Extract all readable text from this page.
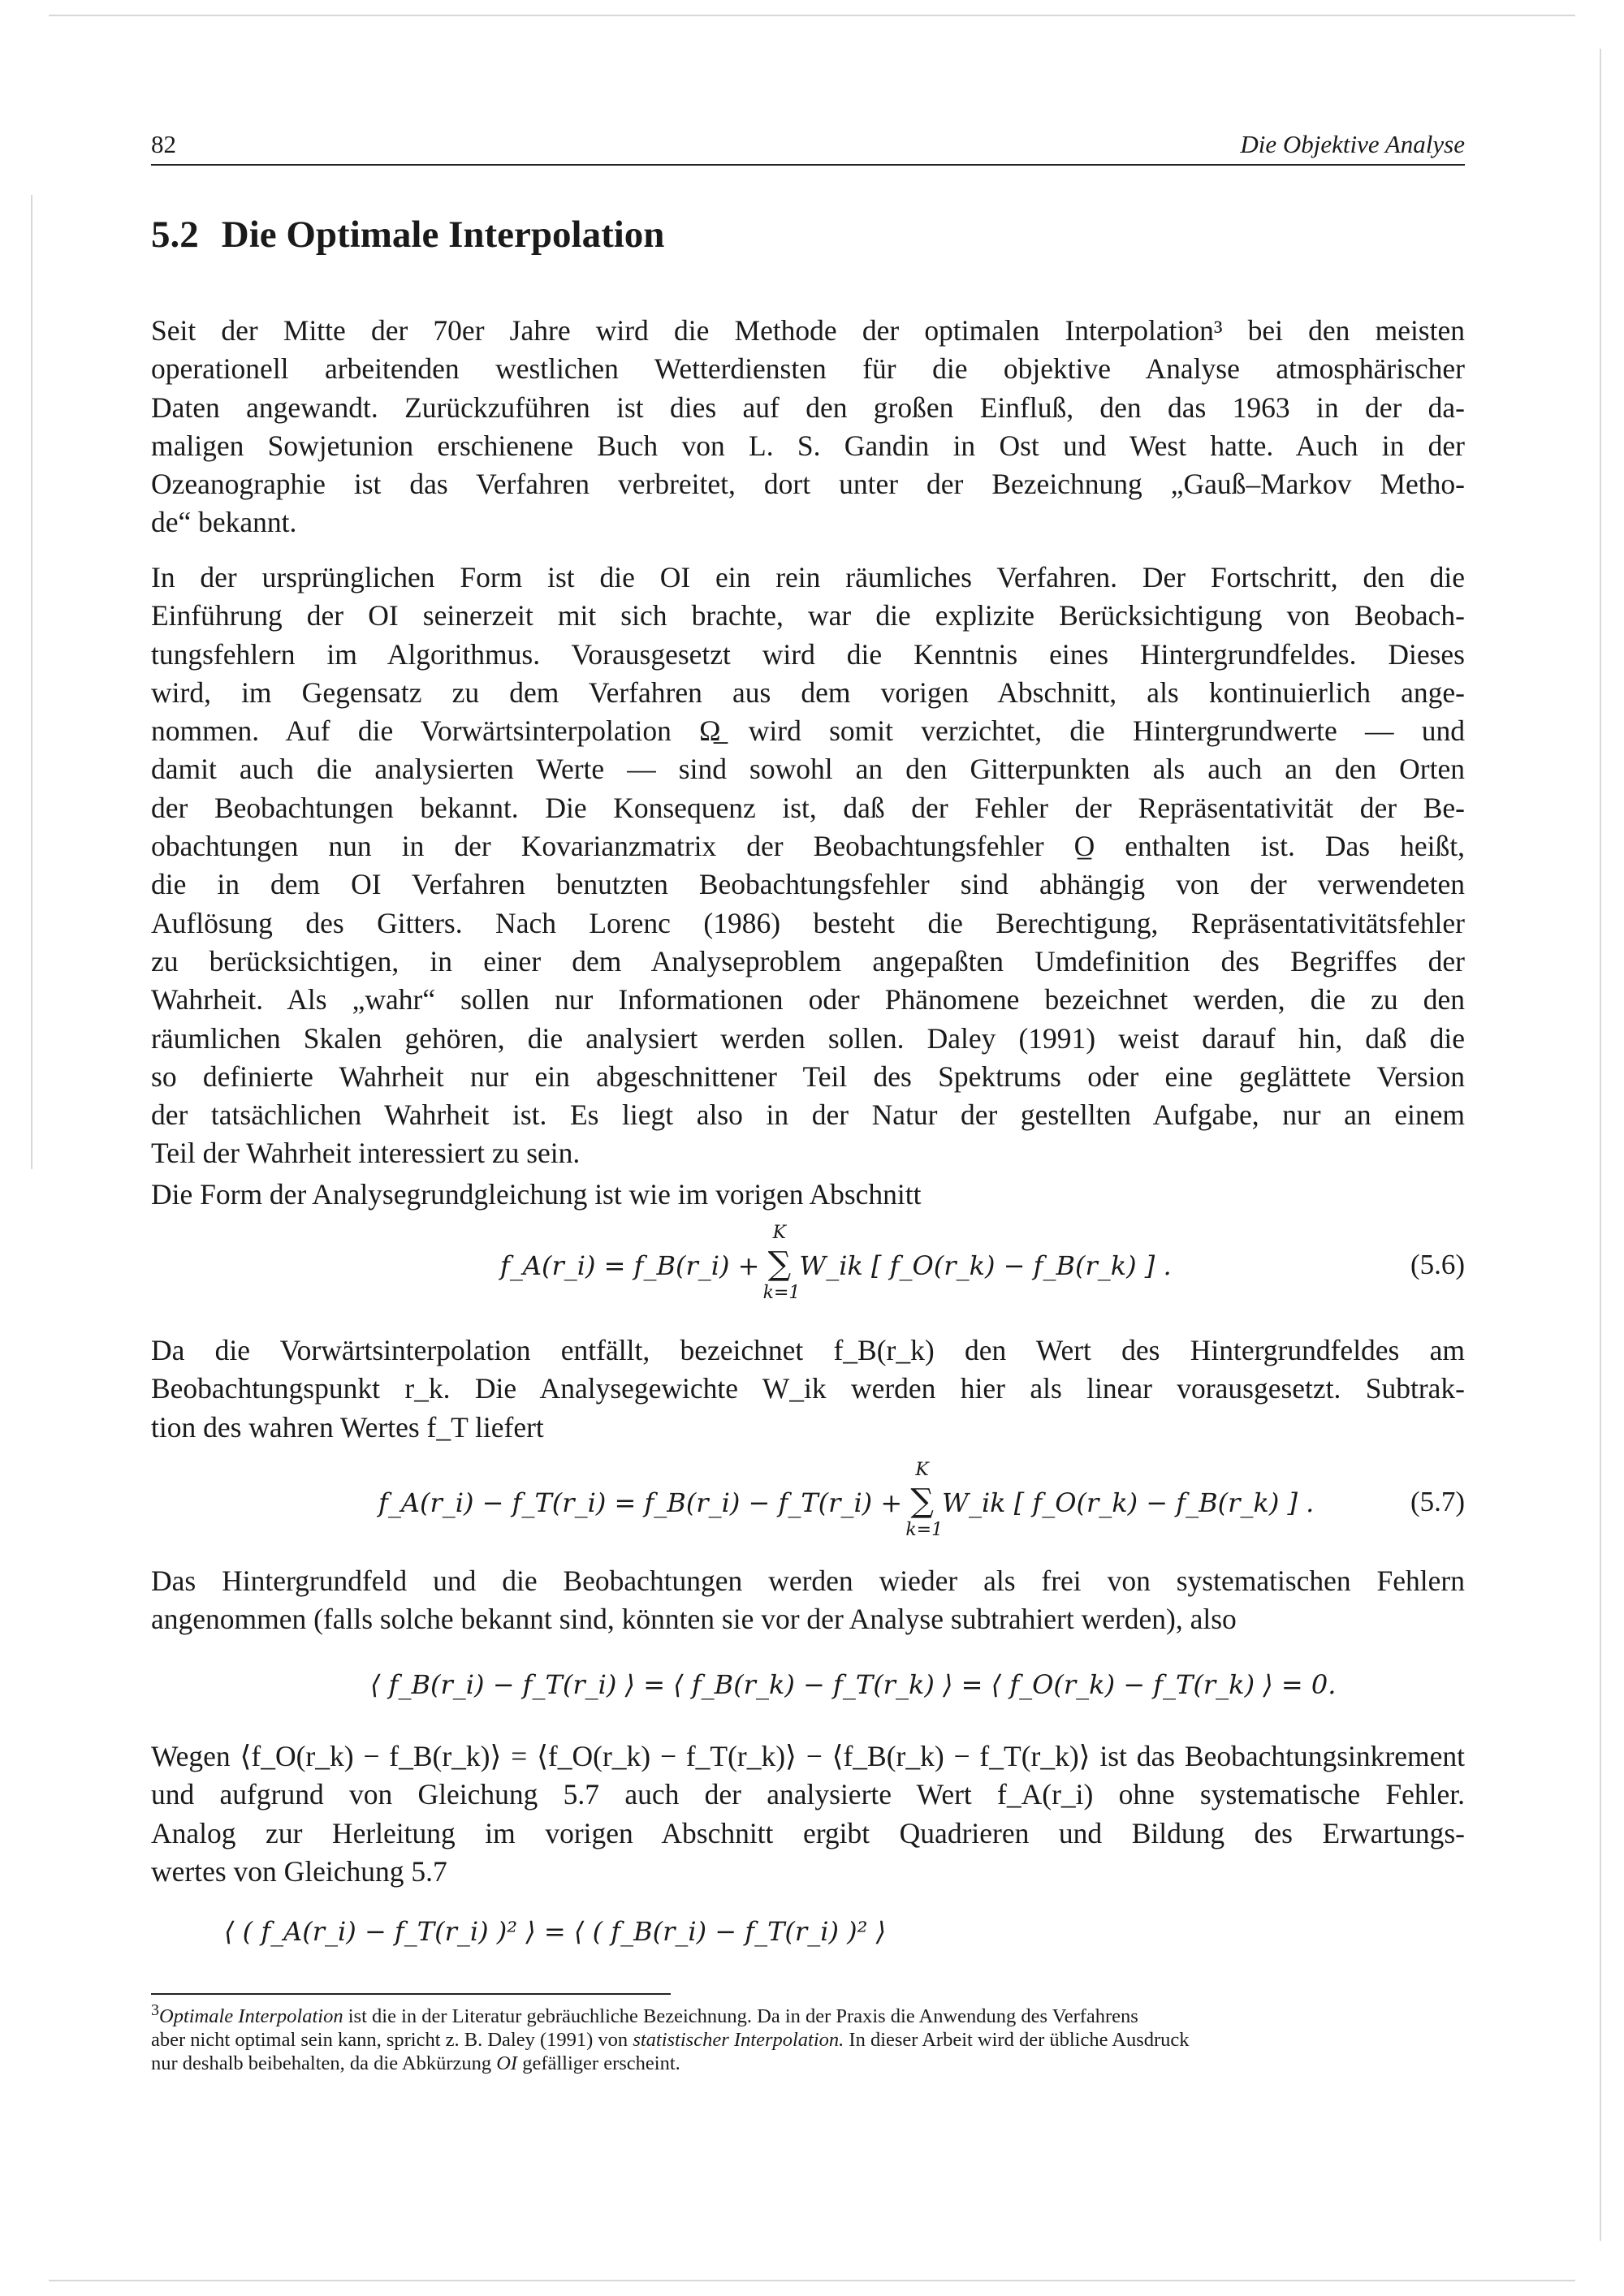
82	Die Objektive Analyse
5.2 Die Optimale Interpolation
Seit der Mitte der 70er Jahre wird die Methode der optimalen Interpolation³ bei den meisten
operationell arbeitenden westlichen Wetterdiensten für die objektive Analyse atmosphärischer
Daten angewandt. Zurückzuführen ist dies auf den großen Einfluß, den das 1963 in der da-
maligen Sowjetunion erschienene Buch von L. S. Gandin in Ost und West hatte. Auch in der
Ozeanographie ist das Verfahren verbreitet, dort unter der Bezeichnung „Gauß–Markov Metho-
de“ bekannt.
In der ursprünglichen Form ist die OI ein rein räumliches Verfahren. Der Fortschritt, den die
Einführung der OI seinerzeit mit sich brachte, war die explizite Berücksichtigung von Beobach-
tungsfehlern im Algorithmus. Vorausgesetzt wird die Kenntnis eines Hintergrundfeldes. Dieses
wird, im Gegensatz zu dem Verfahren aus dem vorigen Abschnitt, als kontinuierlich ange-
nommen. Auf die Vorwärtsinterpolation Ω̲ wird somit verzichtet, die Hintergrundwerte — und
damit auch die analysierten Werte — sind sowohl an den Gitterpunkten als auch an den Orten
der Beobachtungen bekannt. Die Konsequenz ist, daß der Fehler der Repräsentativität der Be-
obachtungen nun in der Kovarianzmatrix der Beobachtungsfehler O̲ enthalten ist. Das heißt,
die in dem OI Verfahren benutzten Beobachtungsfehler sind abhängig von der verwendeten
Auflösung des Gitters. Nach Lorenc (1986) besteht die Berechtigung, Repräsentativitätsfehler
zu berücksichtigen, in einer dem Analyseproblem angepaßten Umdefinition des Begriffes der
Wahrheit. Als „wahr“ sollen nur Informationen oder Phänomene bezeichnet werden, die zu den
räumlichen Skalen gehören, die analysiert werden sollen. Daley (1991) weist darauf hin, daß die
so definierte Wahrheit nur ein abgeschnittener Teil des Spektrums oder eine geglättete Version
der tatsächlichen Wahrheit ist. Es liegt also in der Natur der gestellten Aufgabe, nur an einem
Teil der Wahrheit interessiert zu sein.
Die Form der Analysegrundgleichung ist wie im vorigen Abschnitt
f_A(r_i) = f_B(r_i) + ∑
K
k=1
W_ik [ f_O(r_k) − f_B(r_k) ] .	(5.6)
Da die Vorwärtsinterpolation entfällt, bezeichnet f_B(r_k) den Wert des Hintergrundfeldes am
Beobachtungspunkt r_k. Die Analysegewichte W_ik werden hier als linear vorausgesetzt. Subtrak-
tion des wahren Wertes f_T liefert
f_A(r_i) − f_T(r_i) = f_B(r_i) − f_T(r_i) + ∑
K
k=1
W_ik [ f_O(r_k) − f_B(r_k) ] .	(5.7)
Das Hintergrundfeld und die Beobachtungen werden wieder als frei von systematischen Fehlern
angenommen (falls solche bekannt sind, könnten sie vor der Analyse subtrahiert werden), also
⟨ f_B(r_i) − f_T(r_i) ⟩ = ⟨ f_B(r_k) − f_T(r_k) ⟩ = ⟨ f_O(r_k) − f_T(r_k) ⟩ = 0.
Wegen ⟨f_O(r_k) − f_B(r_k)⟩ = ⟨f_O(r_k) − f_T(r_k)⟩ − ⟨f_B(r_k) − f_T(r_k)⟩ ist das Beobachtungsinkrement
und aufgrund von Gleichung 5.7 auch der analysierte Wert f_A(r_i) ohne systematische Fehler.
Analog zur Herleitung im vorigen Abschnitt ergibt Quadrieren und Bildung des Erwartungs-
wertes von Gleichung 5.7
⟨ ( f_A(r_i) − f_T(r_i) )² ⟩ = ⟨ ( f_B(r_i) − f_T(r_i) )² ⟩
$^3$Optimale Interpolation ist die in der Literatur gebräuchliche Bezeichnung. Da in der Praxis die Anwendung des Verfahrens
aber nicht optimal sein kann, spricht z. B. Daley (1991) von statistischer Interpolation. In dieser Arbeit wird der übliche Ausdruck
nur deshalb beibehalten, da die Abkürzung OI gefälliger erscheint.
